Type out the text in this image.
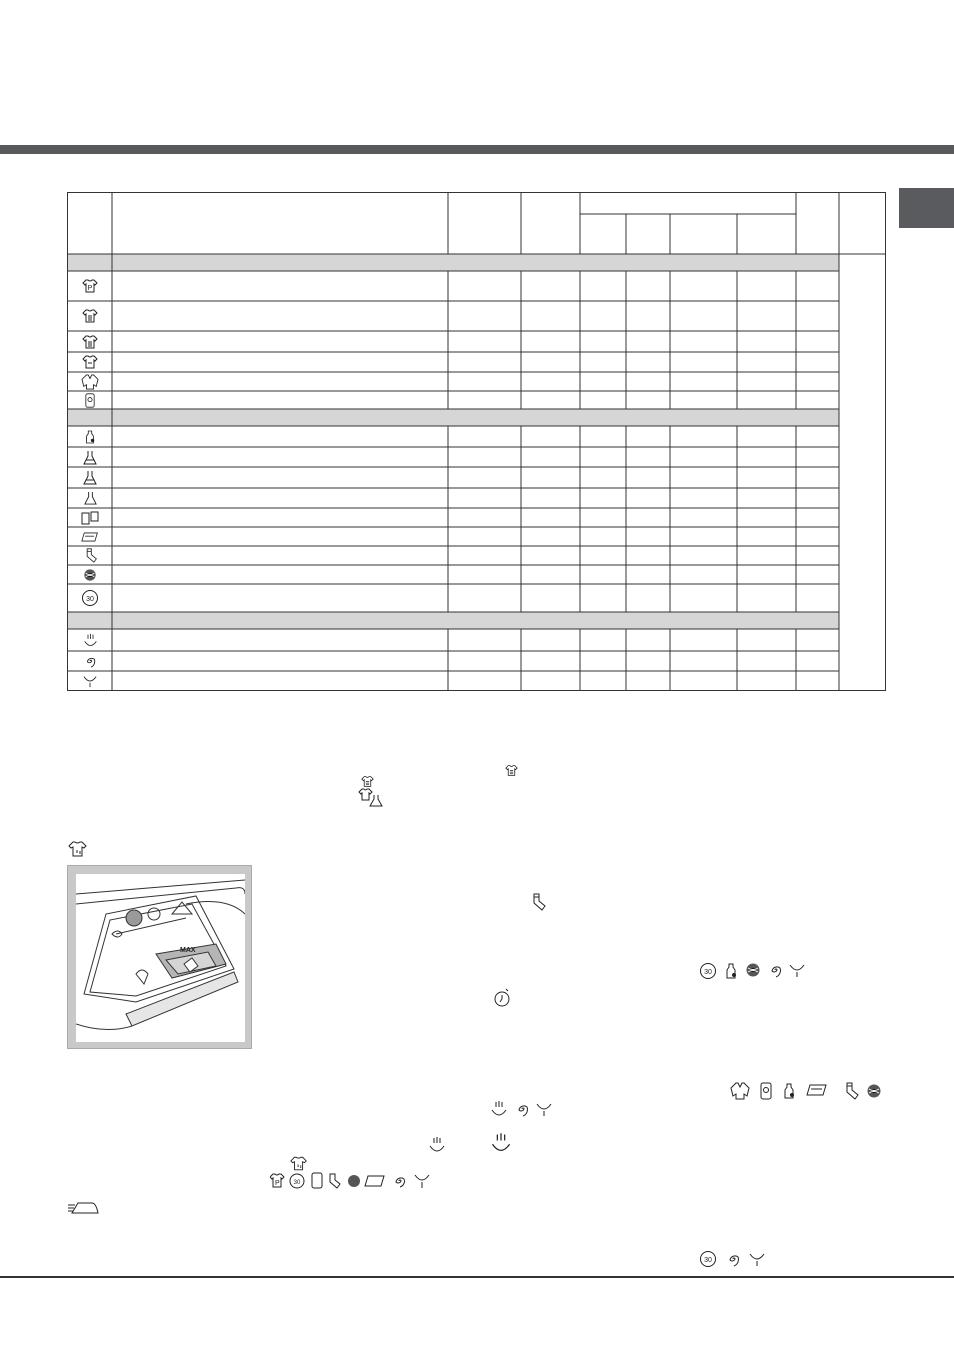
P
30
30
P 30
30
MAX
